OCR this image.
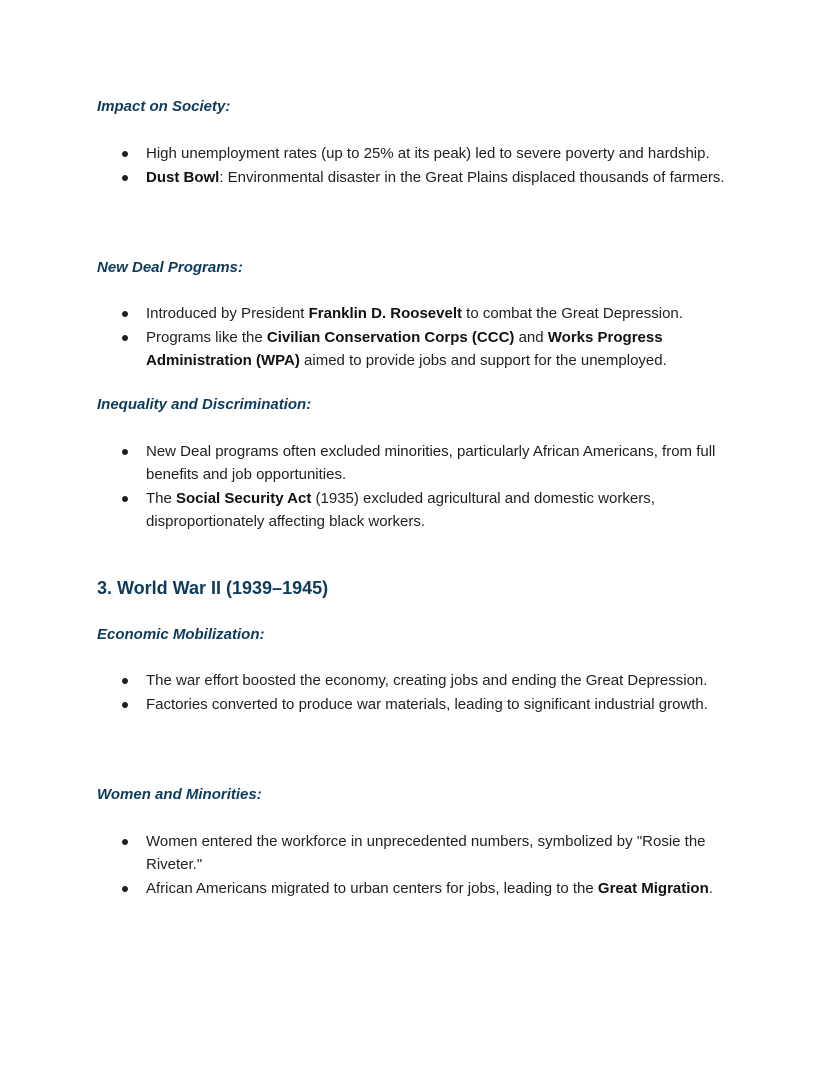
Impact on Society:
High unemployment rates (up to 25% at its peak) led to severe poverty and hardship.
Dust Bowl: Environmental disaster in the Great Plains displaced thousands of farmers.
New Deal Programs:
Introduced by President Franklin D. Roosevelt to combat the Great Depression.
Programs like the Civilian Conservation Corps (CCC) and Works Progress Administration (WPA) aimed to provide jobs and support for the unemployed.
Inequality and Discrimination:
New Deal programs often excluded minorities, particularly African Americans, from full benefits and job opportunities.
The Social Security Act (1935) excluded agricultural and domestic workers, disproportionately affecting black workers.
3. World War II (1939–1945)
Economic Mobilization:
The war effort boosted the economy, creating jobs and ending the Great Depression.
Factories converted to produce war materials, leading to significant industrial growth.
Women and Minorities:
Women entered the workforce in unprecedented numbers, symbolized by "Rosie the Riveter."
African Americans migrated to urban centers for jobs, leading to the Great Migration.
